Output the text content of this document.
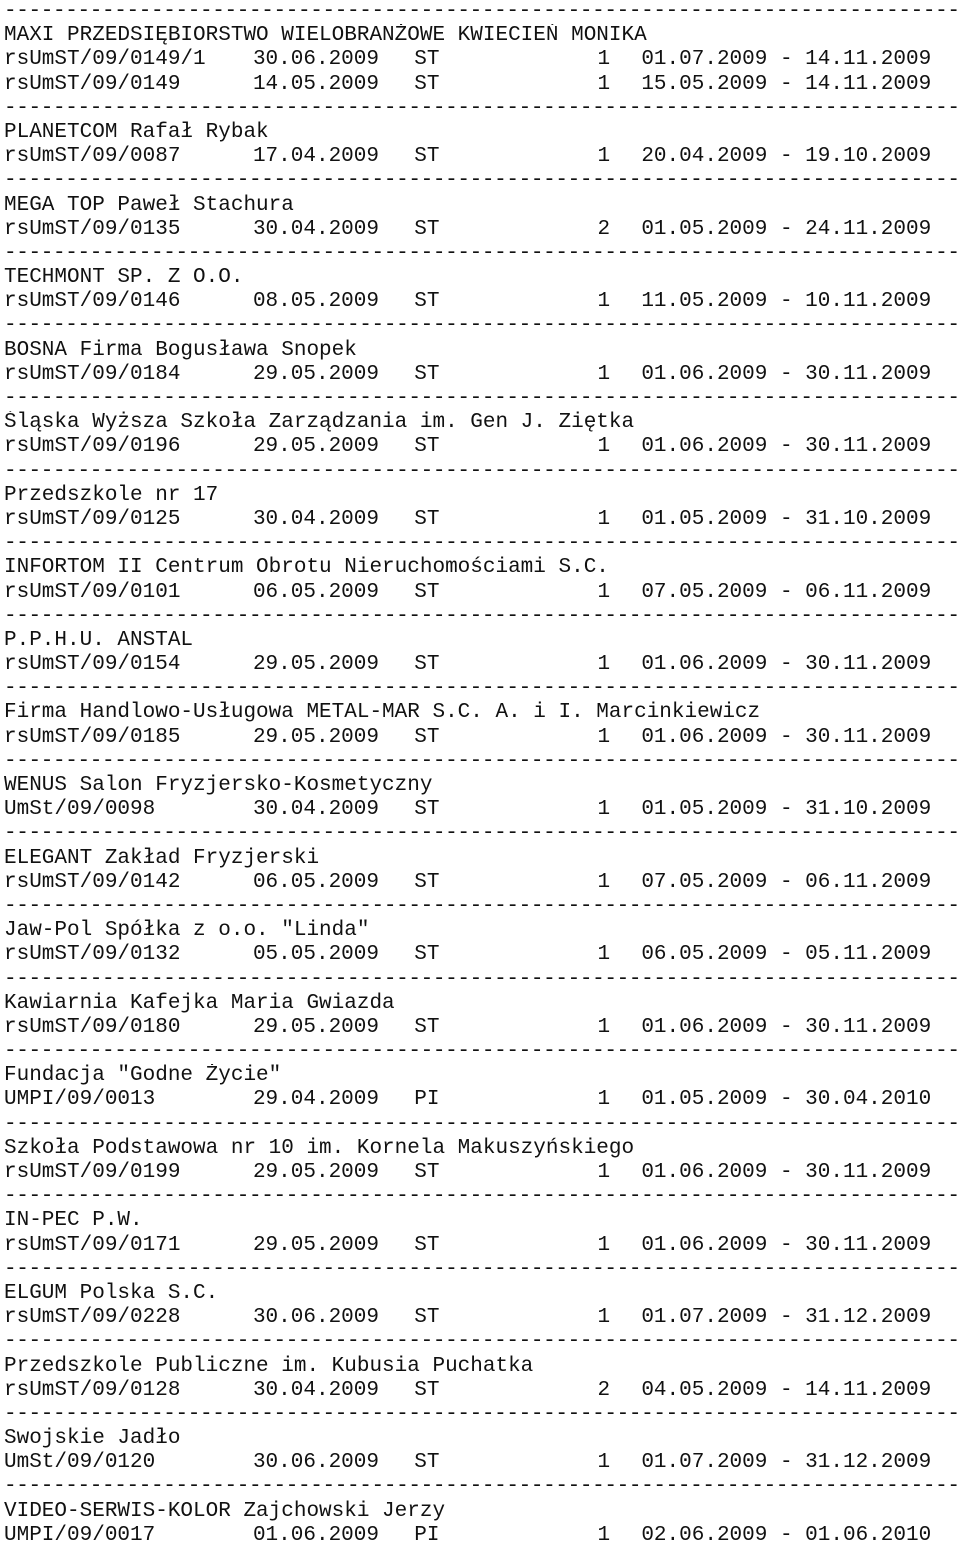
------------------------------------------------------------------------------
MAXI PRZEDSIĘBIORSTWO WIELOBRANŻOWE KWIECIEŃ MONIKA
rsUmST/09/0149/1	30.06.2009	ST	1	01.07.2009 - 14.11.2009
rsUmST/09/0149	14.05.2009	ST	1	15.05.2009 - 14.11.2009
------------------------------------------------------------------------------
PLANETCOM Rafał Rybak
rsUmST/09/0087	17.04.2009	ST	1	20.04.2009 - 19.10.2009
------------------------------------------------------------------------------
MEGA TOP Paweł Stachura
rsUmST/09/0135	30.04.2009	ST	2	01.05.2009 - 24.11.2009
------------------------------------------------------------------------------
TECHMONT SP. Z O.O.
rsUmST/09/0146	08.05.2009	ST	1	11.05.2009 - 10.11.2009
------------------------------------------------------------------------------
BOSNA Firma Bogusława Snopek
rsUmST/09/0184	29.05.2009	ST	1	01.06.2009 - 30.11.2009
------------------------------------------------------------------------------
Śląska Wyższa Szkoła Zarządzania im. Gen J. Ziętka
rsUmST/09/0196	29.05.2009	ST	1	01.06.2009 - 30.11.2009
------------------------------------------------------------------------------
Przedszkole nr 17
rsUmST/09/0125	30.04.2009	ST	1	01.05.2009 - 31.10.2009
------------------------------------------------------------------------------
INFORTOM II Centrum Obrotu Nieruchomościami S.C.
rsUmST/09/0101	06.05.2009	ST	1	07.05.2009 - 06.11.2009
------------------------------------------------------------------------------
P.P.H.U. ANSTAL
rsUmST/09/0154	29.05.2009	ST	1	01.06.2009 - 30.11.2009
------------------------------------------------------------------------------
Firma Handlowo-Usługowa METAL-MAR S.C. A. i I. Marcinkiewicz
rsUmST/09/0185	29.05.2009	ST	1	01.06.2009 - 30.11.2009
------------------------------------------------------------------------------
WENUS Salon Fryzjersko-Kosmetyczny
UmSt/09/0098	30.04.2009	ST	1	01.05.2009 - 31.10.2009
------------------------------------------------------------------------------
ELEGANT Zakład Fryzjerski
rsUmST/09/0142	06.05.2009	ST	1	07.05.2009 - 06.11.2009
------------------------------------------------------------------------------
Jaw-Pol Spółka z o.o. "Linda"
rsUmST/09/0132	05.05.2009	ST	1	06.05.2009 - 05.11.2009
------------------------------------------------------------------------------
Kawiarnia Kafejka Maria Gwiazda
rsUmST/09/0180	29.05.2009	ST	1	01.06.2009 - 30.11.2009
------------------------------------------------------------------------------
Fundacja "Godne Życie"
UMPI/09/0013	29.04.2009	PI	1	01.05.2009 - 30.04.2010
------------------------------------------------------------------------------
Szkoła Podstawowa nr 10 im. Kornela Makuszyńskiego
rsUmST/09/0199	29.05.2009	ST	1	01.06.2009 - 30.11.2009
------------------------------------------------------------------------------
IN-PEC P.W.
rsUmST/09/0171	29.05.2009	ST	1	01.06.2009 - 30.11.2009
------------------------------------------------------------------------------
ELGUM Polska S.C.
rsUmST/09/0228	30.06.2009	ST	1	01.07.2009 - 31.12.2009
------------------------------------------------------------------------------
Przedszkole Publiczne im. Kubusia Puchatka
rsUmST/09/0128	30.04.2009	ST	2	04.05.2009 - 14.11.2009
------------------------------------------------------------------------------
Swojskie Jadło
UmSt/09/0120	30.06.2009	ST	1	01.07.2009 - 31.12.2009
------------------------------------------------------------------------------
VIDEO-SERWIS-KOLOR Zajchowski Jerzy
UMPI/09/0017	01.06.2009	PI	1	02.06.2009 - 01.06.2010
